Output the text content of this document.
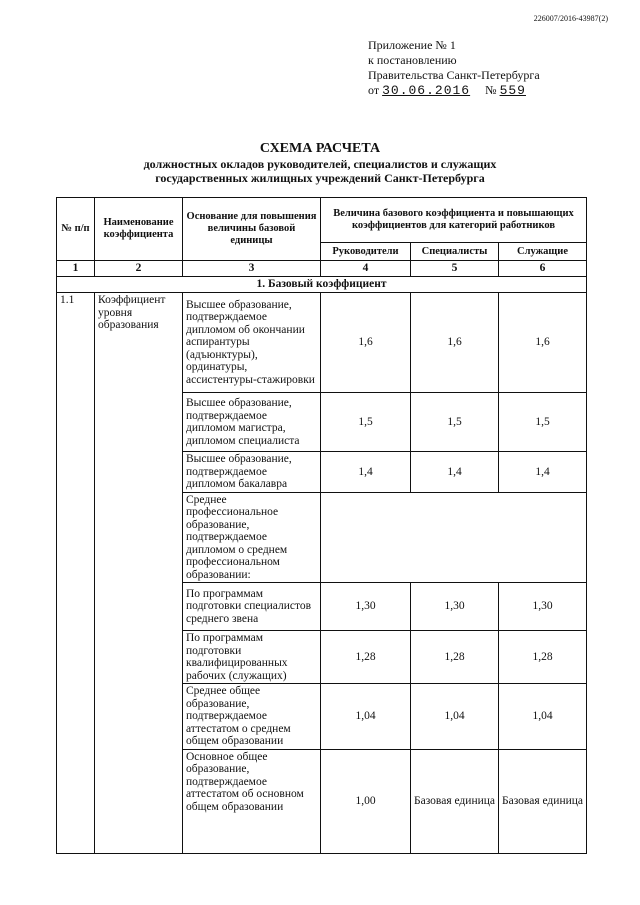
226007/2016-43987(2)
Приложение № 1
к постановлению
Правительства Санкт-Петербурга
от 30.06.2016 № 559
СХЕМА РАСЧЕТА
должностных окладов руководителей, специалистов и служащих
государственных жилищных учреждений Санкт-Петербурга
№ п/п	Наименование коэффициента	Основание для повышения величины базовой единицы	Величина базового коэффициента и повышающих коэффициентов для категорий работников		
			Руководители	Специалисты	Служащие
1	2	3	4	5	6
1. Базовый коэффициент					
1.1	Коэффициент уровня образования	Высшее образование, подтверждаемое дипломом об окончании аспирантуры (адъюнктуры), ординатуры, ассистентуры-стажировки	1,6	1,6	1,6
		Высшее образование, подтверждаемое дипломом магистра, дипломом специалиста	1,5	1,5	1,5
		Высшее образование, подтверждаемое дипломом бакалавра	1,4	1,4	1,4
		Среднее профессиональное образование, подтверждаемое дипломом о среднем профессиональном образовании:			
		По программам подготовки специалистов среднего звена	1,30	1,30	1,30
		По программам подготовки квалифицированных рабочих (служащих)	1,28	1,28	1,28
		Среднее общее образование, подтверждаемое аттестатом о среднем общем образовании	1,04	1,04	1,04
		Основное общее образование, подтверждаемое аттестатом об основном общем образовании	1,00	Базовая единица	Базовая единица
